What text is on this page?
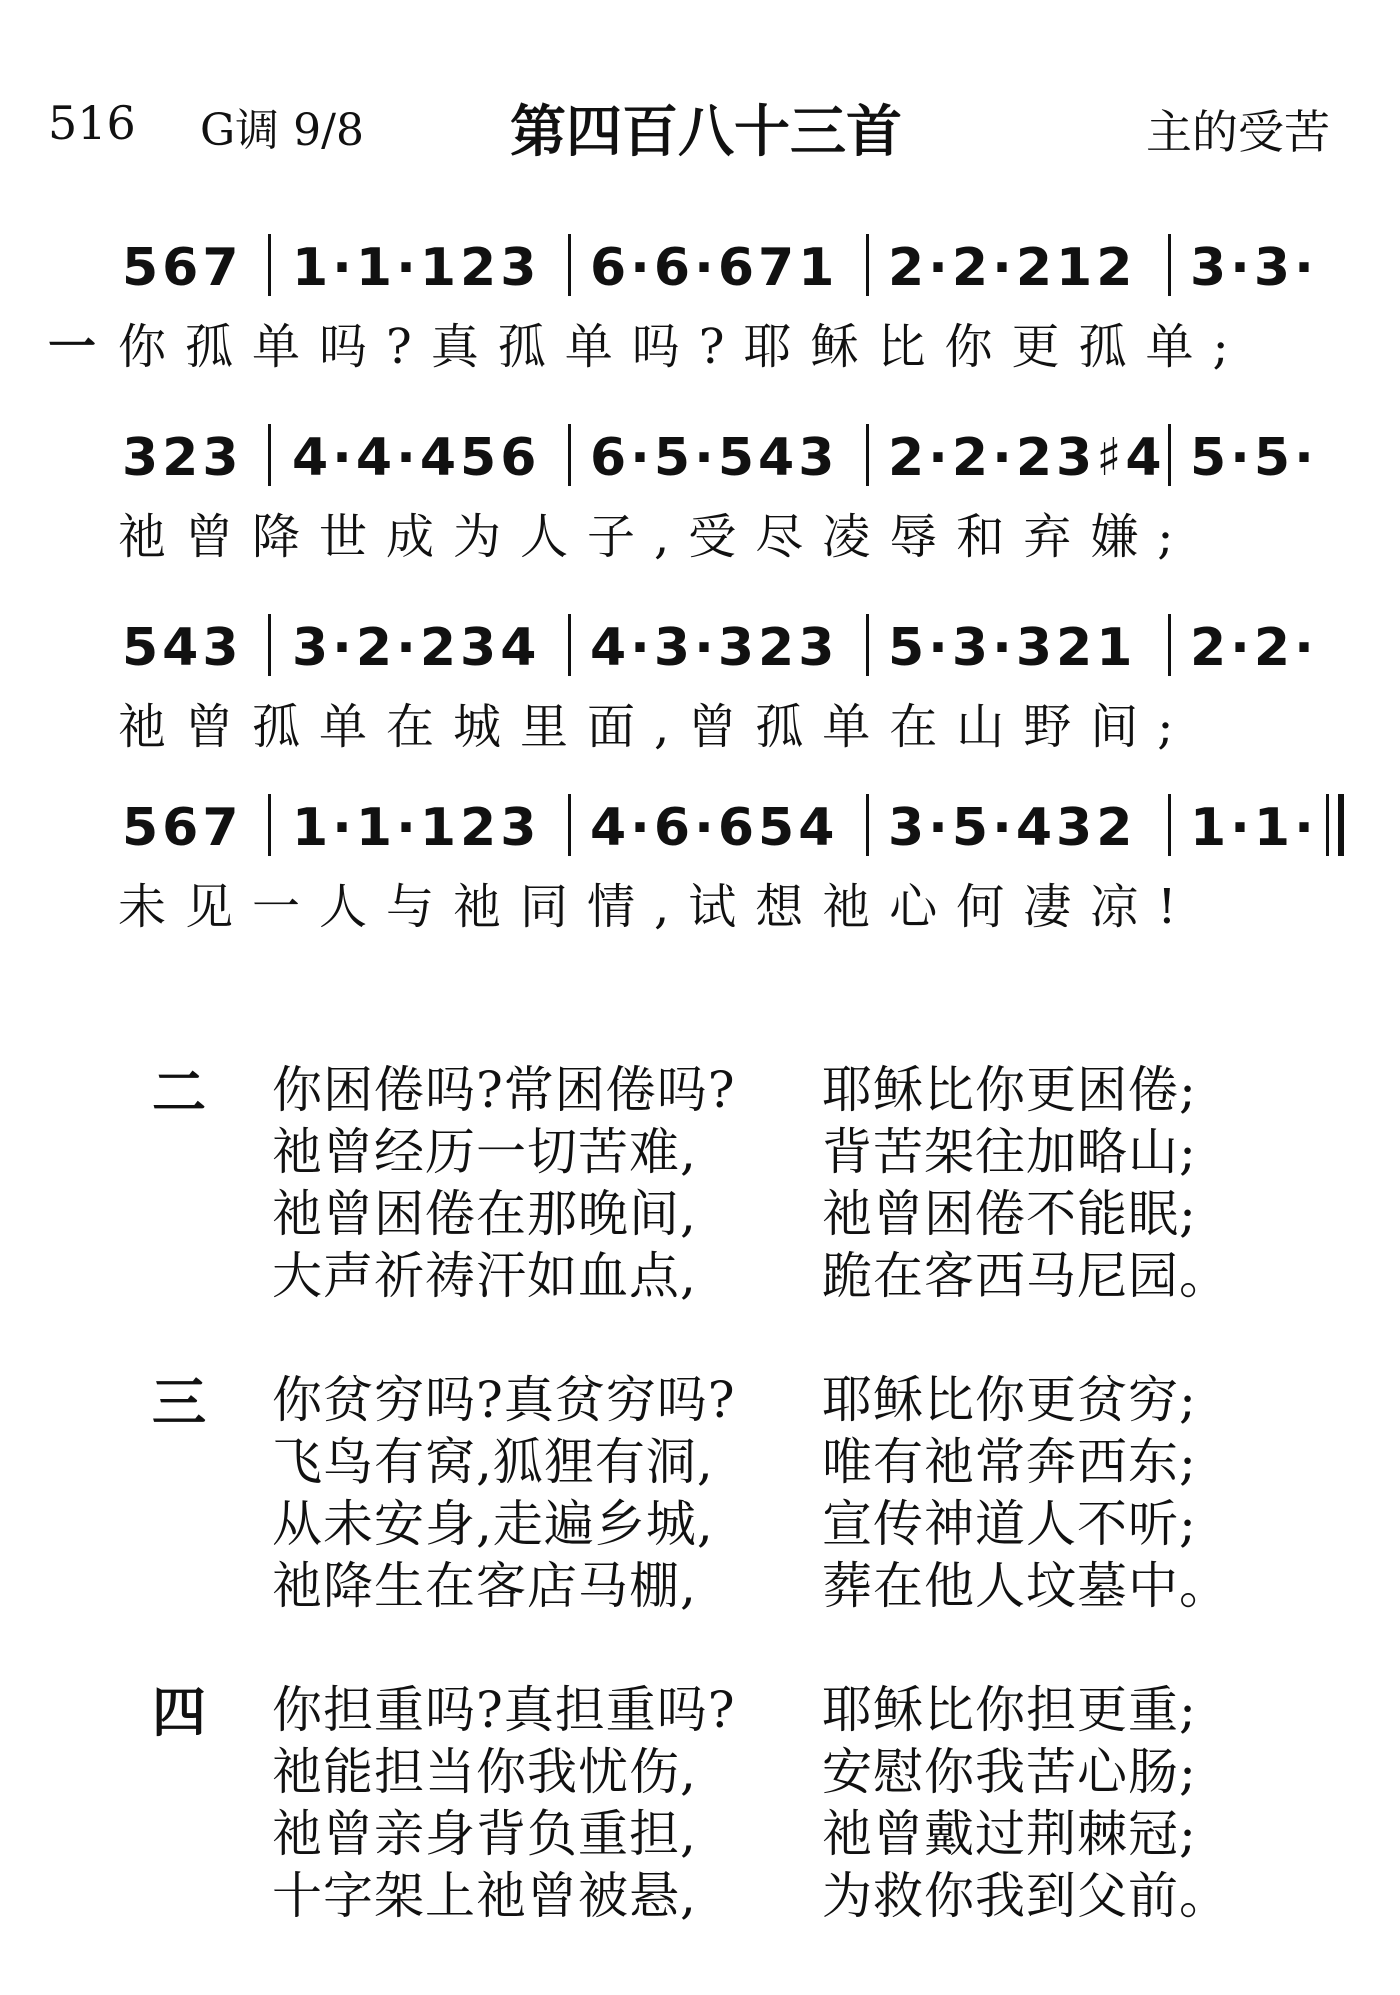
516 G调 9/8	第四百八十三首	主的受苦
567 1·1·123 6·6·671 2·2·212 3·3·
一 你孤单吗?真孤单吗?耶稣比你更孤单;
323 4·4·456 6·5·543 2·2·23♯4 5·5·
祂曾降世成为人子,受尽凌辱和弃嫌;
543 3·2·234 4·3·323 5·3·321 2·2·
祂曾孤单在城里面,曾孤单在山野间;
567 1·1·123 4·6·654 3·5·432 1·1·
未见一人与祂同情,试想祂心何凄凉!
二 你困倦吗?常困倦吗? 耶稣比你更困倦;
祂曾经历一切苦难,	背苦架往加略山;
祂曾困倦在那晚间,	祂曾困倦不能眠;
大声祈祷汗如血点,	跪在客西马尼园。
三 你贫穷吗?真贫穷吗? 耶稣比你更贫穷;
飞鸟有窝,狐狸有洞, 唯有祂常奔西东;
从未安身,走遍乡城, 宣传神道人不听;
祂降生在客店马棚,	葬在他人坟墓中。
四 你担重吗?真担重吗? 耶稣比你担更重;
祂能担当你我忧伤,	安慰你我苦心肠;
祂曾亲身背负重担,	祂曾戴过荆棘冠;
十字架上祂曾被悬,	为救你我到父前。
